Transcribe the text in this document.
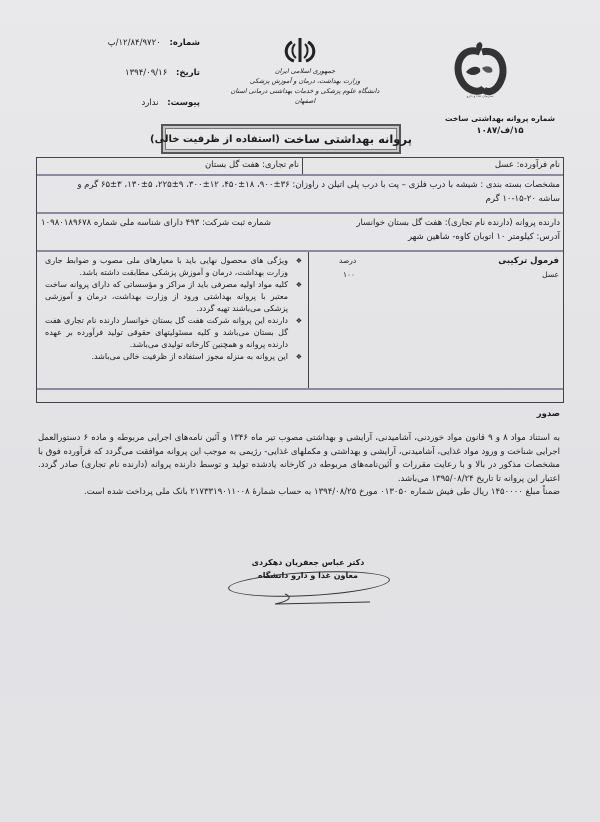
شماره: ۱۲/۸۴/۹۷۲۰/پ
تاریخ: ۱۳۹۴/۰۹/۱۶
پیوست: ندارد
جمهوری اسلامی ایران
وزارت بهداشت، درمان و آموزش پزشکی
دانشگاه علوم پزشکی و خدمات بهداشتی درمانی استان اصفهان
سازمان غذا و دارو
شماره پروانه بهداشتی ساخت
۱۵/ف/۱۰۸۷
پروانه بهداشتی ساخت
(استفاده از ظرفیت خالی)
نام فرآورده: عسل
نام تجاری: هفت گل بستان
مشخصات بسته بندی : شیشه با درب فلزی – پت با درب پلی اتیلن د راوزان: ۳۶±۹۰۰، ۱۸±۴۵۰، ۱۲±۳۰۰، ۹±۲۲۵، ۵±۱۳۰، ۳±۶۵ گرم و
ساشه ۲۰-۱۵-۱۰ گرم
دارنده پروانه (دارنده نام تجاری): هفت گل بستان خوانسار
شماره ثبت شرکت: ۴۹۳ دارای شناسه ملی شماره ۱۰۹۸۰۱۸۹۶۷۸
آدرس: کیلومتر ۱۰ اتوبان کاوه- شاهین شهر
فرمول ترکیبی
درصد
عسل
۱۰۰
❖ ویژگی های محصول نهایی باید با معیارهای ملی مصوب و ضوابط جاری وزارت بهداشت، درمان و آموزش پزشکی مطابقت داشته باشد.
❖ کلیه مواد اولیه مصرفی باید از مراکز و مؤسساتی که دارای پروانه ساخت معتبر با پروانه بهداشتی ورود از وزارت بهداشت، درمان و آموزشی پزشکی می‌باشند تهیه گردد.
❖ دارنده این پروانه شرکت هفت گل بستان خوانسار دارنده نام تجاری هفت گل بستان می‌باشد و کلیه مسئولیتهای حقوقی تولید فرآورده بر عهده دارنده پروانه و همچنین کارخانه تولیدی می‌باشد.
❖ این پروانه به منزله مجوز استفاده از ظرفیت خالی می‌باشد.
صدور

به استناد مواد ۸ و ۹ قانون مواد خوردنی، آشامیدنی، آرایشی و بهداشتی مصوب تیر ماه ۱۳۴۶ و آئین نامه‌های اجرایی مربوطه و ماده ۶ دستورالعمل اجرایی شناخت و ورود مواد غذایی، آشامیدنی، آرایشی و بهداشتی و مکملهای غذایی- رژیمی به موجب این پروانه موافقت می‌گردد که فرآورده فوق با مشخصات مذکور در بالا و با رعایت مقررات و آئین‌نامه‌های مربوطه در کارخانه یادشده تولید و توسط دارنده پروانه (دارنده نام تجاری) صادر گردد. اعتبار این پروانه تا تاریخ ۱۳۹۵/۰۸/۲۴ می‌باشد.

ضمناً مبلغ ۱۴۵۰۰۰۰ ریال طی فیش شماره ۰۱۳۰۵۰ مورخ ۱۳۹۴/۰۸/۲۵ به حساب شمارهٔ ۲۱۷۳۳۱۹۰۱۱۰۰۸ بانک ملی پرداخت شده است.

دکتر عباس جعفریان دهکردی
معاون غذا و دارو دانشگاه
